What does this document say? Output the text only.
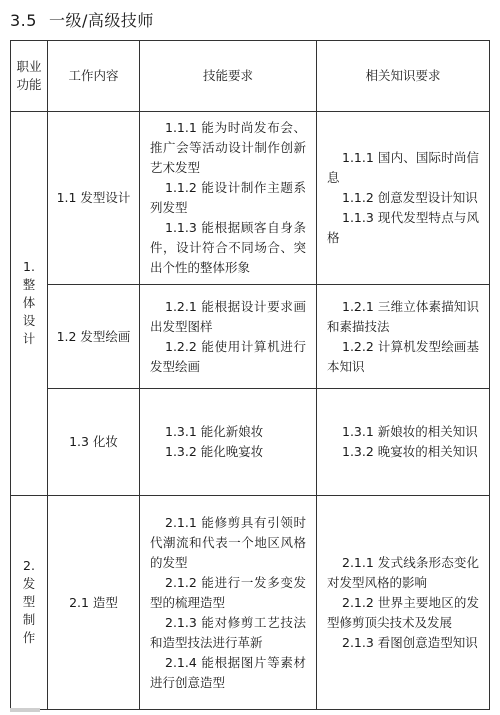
3.5 一级/高级技师
职业功能	工作内容	技能要求	相关知识要求
1.整体设计	1.1 发型设计	1.1.1 能为时尚发布会、推广会等活动设计制作创新艺术发型
1.1.2 能设计制作主题系列发型
1.1.3 能根据顾客自身条件，设计符合不同场合、突出个性的整体形象	1.1.1 国内、国际时尚信息
1.1.2 创意发型设计知识
1.1.3 现代发型特点与风格

	1.2 发型绘画	1.2.1 能根据设计要求画出发型图样
1.2.2 能使用计算机进行发型绘画	1.2.1 三维立体素描知识和素描技法
1.2.2 计算机发型绘画基本知识

	1.3 化妆	1.3.1 能化新娘妆
1.3.2 能化晚宴妆	1.3.1 新娘妆的相关知识
1.3.2 晚宴妆的相关知识

2.发型制作	2.1 造型	2.1.1 能修剪具有引领时代潮流和代表一个地区风格的发型
2.1.2 能进行一发多变发型的梳理造型
2.1.3 能对修剪工艺技法和造型技法进行革新
2.1.4 能根据图片等素材进行创意造型	2.1.1 发式线条形态变化对发型风格的影响
2.1.2 世界主要地区的发型修剪顶尖技术及发展
2.1.3 看图创意造型知识
